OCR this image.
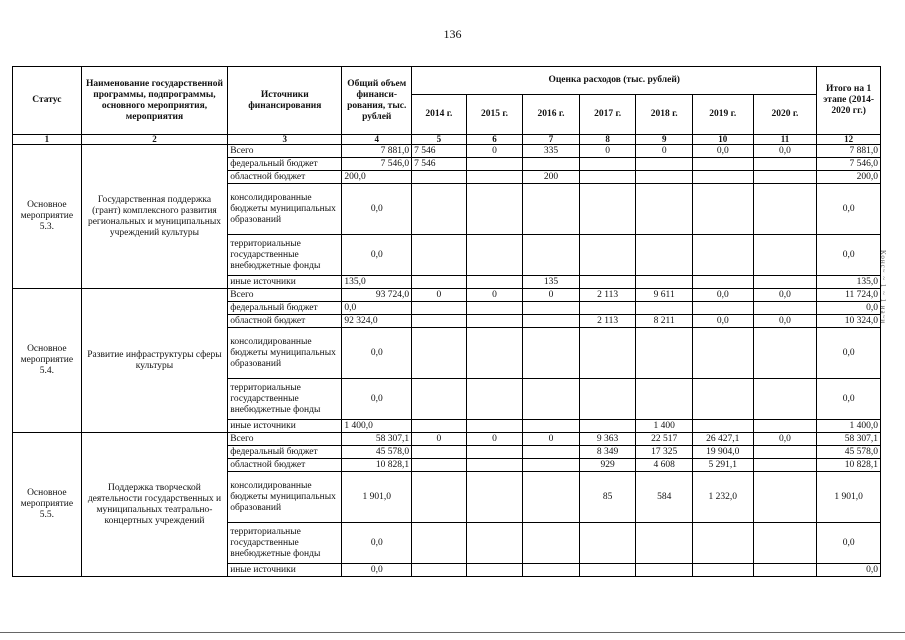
136
Статус	Наименование государственной программы, подпрограммы, основного мероприятия, мероприятия	Источники финансирования	Общий объем финанси-рования, тыс. рублей	Оценка расходов (тыс. рублей)							Итого на 1 этапе (2014-2020 гг.)
				2014 г.	2015 г.	2016 г.	2017 г.	2018 г.	2019 г.	2020 г.	
1	2	3	4	5	6	7	8	9	10	11	12
Основное мероприятие 5.3.	Государственная поддержка (грант) комплексного развития региональных и муниципальных учреждений культуры	Всего	7 881,0	7 546	0	335	0	0	0,0	0,0	7 881,0
		федеральный бюджет	7 546,0	7 546							7 546,0
		областной бюджет	200,0			200					200,0
		консолидированные бюджеты муниципальных образований	0,0								0,0
		территориальные государственные внебюджетные фонды	0,0								0,0
		иные источники	135,0			135					135,0
Основное мероприятие 5.4.	Развитие инфраструктуры сферы культуры	Всего	93 724,0	0	0	0	2 113	9 611	0,0	0,0	11 724,0
		федеральный бюджет	0,0								0,0
		областной бюджет	92 324,0				2 113	8 211	0,0	0,0	10 324,0
		консолидированные бюджеты муниципальных образований	0,0								0,0
		территориальные государственные внебюджетные фонды	0,0								0,0
		иные источники	1 400,0					1 400			1 400,0
Основное мероприятие 5.5.	Поддержка творческой деятельности государственных и муниципальных театрально-концертных учреждений	Всего	58 307,1	0	0	0	9 363	22 517	26 427,1	0,0	58 307,1
		федеральный бюджет	45 578,0				8 349	17 325	19 904,0		45 578,0
		областной бюджет	10 828,1				929	4 608	5 291,1		10 828,1
		консолидированные бюджеты муниципальных образований	1 901,0				85	584	1 232,0		1 901,0
		территориальные государственные внебюджетные фонды	0,0								0,0
		иные источники	0,0								0,0
Конс~ ~ 1 ~ 1 иа~и
